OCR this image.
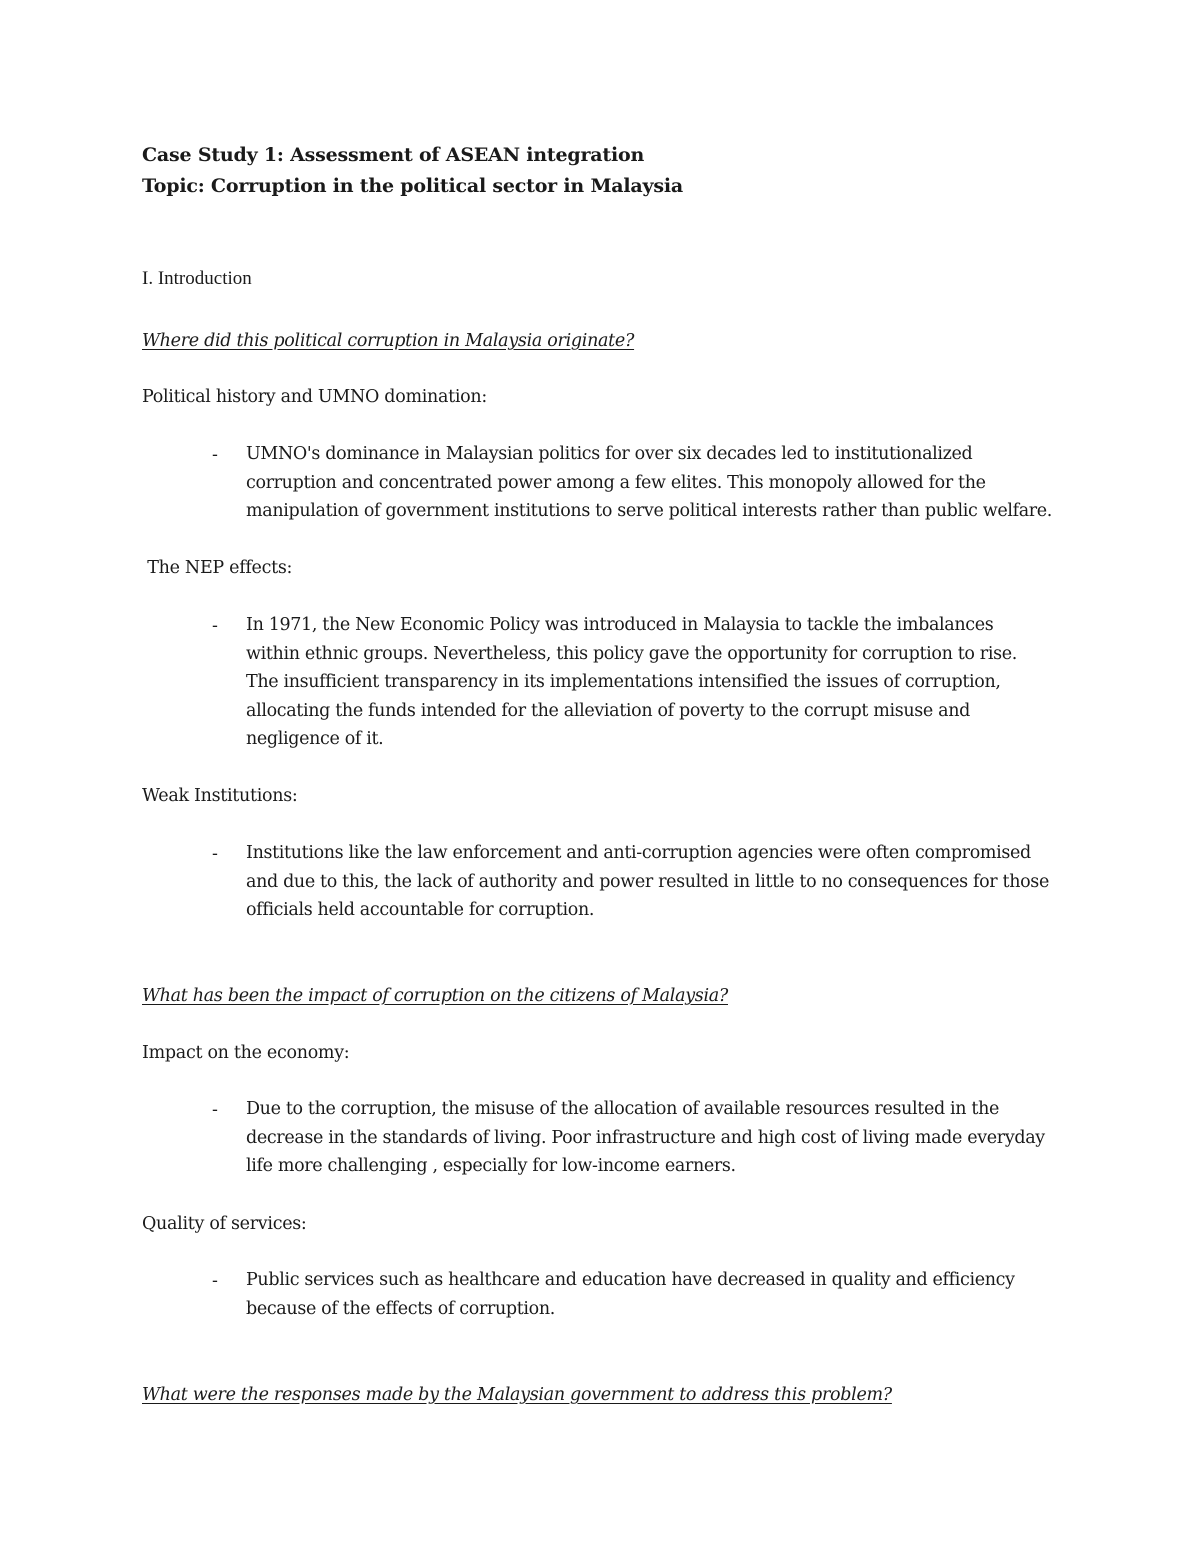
Case Study 1: Assessment of ASEAN integration
Topic: Corruption in the political sector in Malaysia
I. Introduction
Where did this political corruption in Malaysia originate?
Political history and UMNO domination:
- UMNO's dominance in Malaysian politics for over six decades led to institutionalized
corruption and concentrated power among a few elites. This monopoly allowed for the
manipulation of government institutions to serve political interests rather than public welfare.
The NEP effects:
- In 1971, the New Economic Policy was introduced in Malaysia to tackle the imbalances
within ethnic groups. Nevertheless, this policy gave the opportunity for corruption to rise.
The insufficient transparency in its implementations intensified the issues of corruption,
allocating the funds intended for the alleviation of poverty to the corrupt misuse and
negligence of it.
Weak Institutions:
- Institutions like the law enforcement and anti-corruption agencies were often compromised
and due to this, the lack of authority and power resulted in little to no consequences for those
officials held accountable for corruption.
What has been the impact of corruption on the citizens of Malaysia?
Impact on the economy:
- Due to the corruption, the misuse of the allocation of available resources resulted in the
decrease in the standards of living. Poor infrastructure and high cost of living made everyday
life more challenging , especially for low-income earners.
Quality of services:
- Public services such as healthcare and education have decreased in quality and efficiency
because of the effects of corruption.
What were the responses made by the Malaysian government to address this problem?
